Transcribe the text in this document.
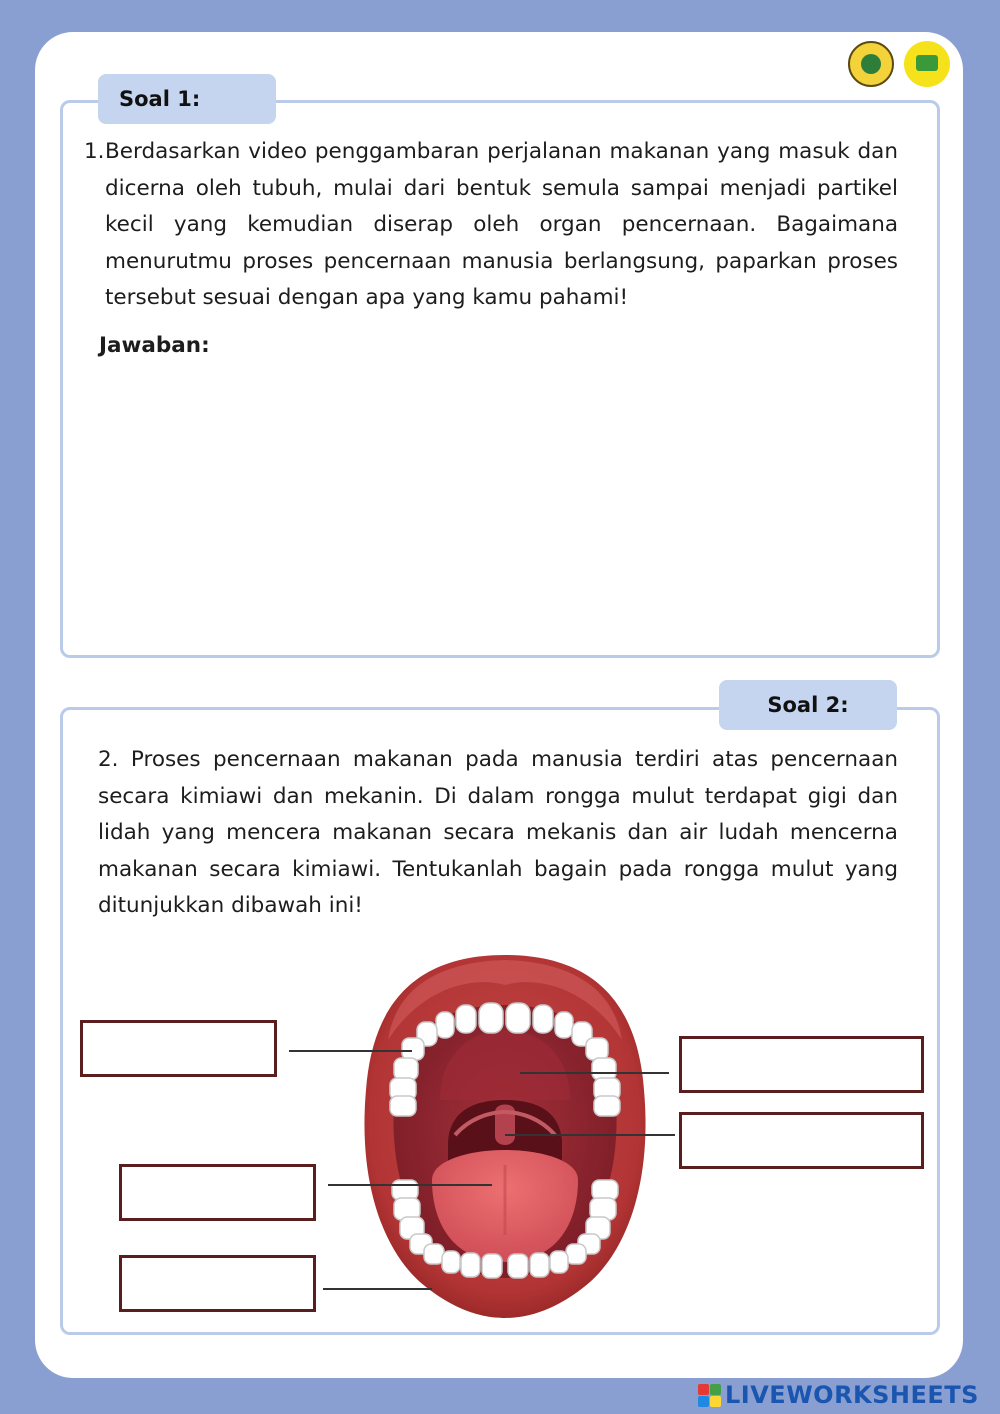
Soal 1:
1. Berdasarkan video penggambaran perjalanan makanan yang masuk dan dicerna oleh tubuh, mulai dari bentuk semula sampai menjadi partikel kecil yang kemudian diserap oleh organ pencernaan. Bagaimana menurutmu proses pencernaan manusia berlangsung, paparkan proses tersebut sesuai dengan apa yang kamu pahami!
Jawaban:
Soal 2:
2. Proses pencernaan makanan pada manusia terdiri atas pencernaan secara kimiawi dan mekanin. Di dalam rongga mulut terdapat gigi dan lidah yang mencera makanan secara mekanis dan air ludah mencerna makanan secara kimiawi. Tentukanlah bagain pada rongga mulut yang ditunjukkan dibawah ini!
LIVEWORKSHEETS
